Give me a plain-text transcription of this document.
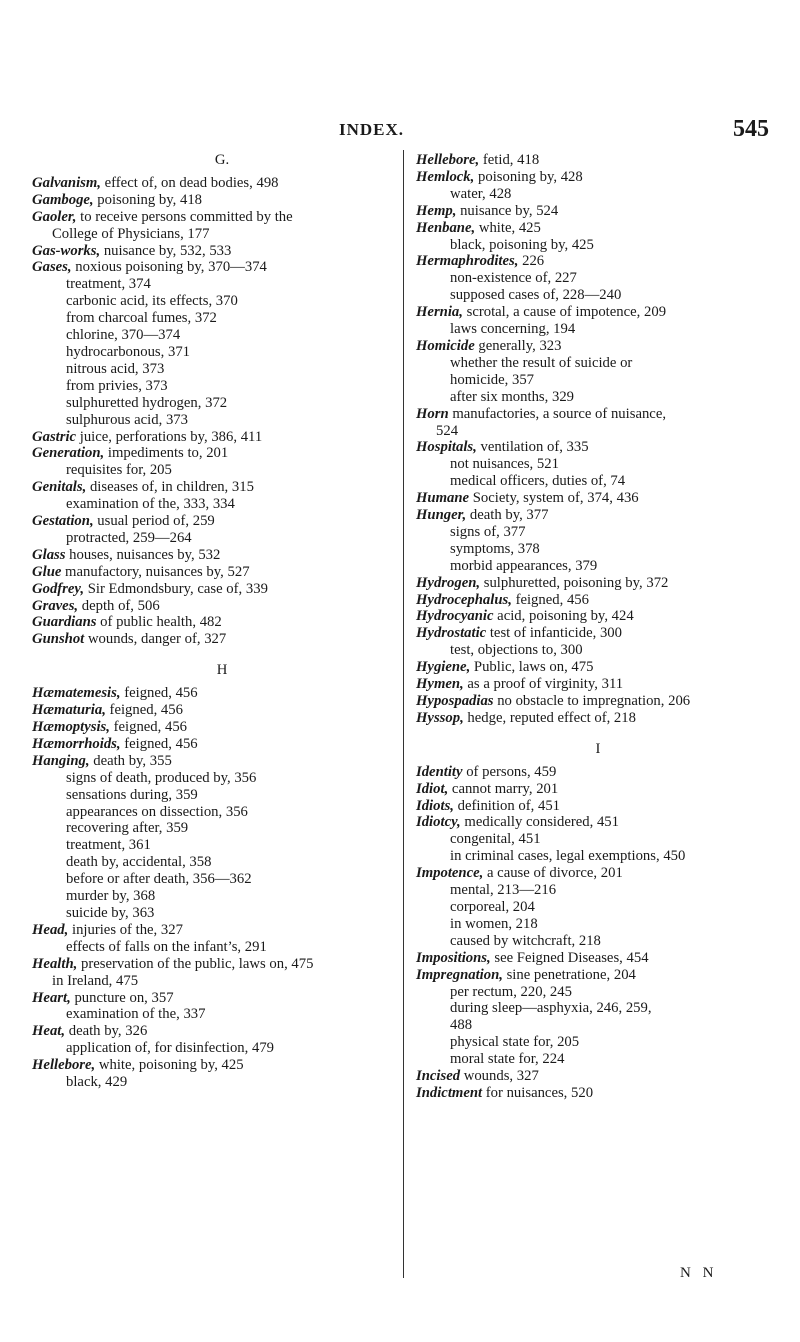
INDEX.	545
G.
Galvanism, effect of, on dead bodies, 498
Gamboge, poisoning by, 418
Gaoler, to receive persons committed by the
College of Physicians, 177
Gas-works, nuisance by, 532, 533
Gases, noxious poisoning by, 370—374
treatment, 374
carbonic acid, its effects, 370
from charcoal fumes, 372
chlorine, 370—374
hydrocarbonous, 371
nitrous acid, 373
from privies, 373
sulphuretted hydrogen, 372
sulphurous acid, 373
Gastric juice, perforations by, 386, 411
Generation, impediments to, 201
requisites for, 205
Genitals, diseases of, in children, 315
examination of the, 333, 334
Gestation, usual period of, 259
protracted, 259—264
Glass houses, nuisances by, 532
Glue manufactory, nuisances by, 527
Godfrey, Sir Edmondsbury, case of, 339
Graves, depth of, 506
Guardians of public health, 482
Gunshot wounds, danger of, 327
H
Hæmatemesis, feigned, 456
Hæmaturia, feigned, 456
Hæmoptysis, feigned, 456
Hæmorrhoids, feigned, 456
Hanging, death by, 355
signs of death, produced by, 356
sensations during, 359
appearances on dissection, 356
recovering after, 359
treatment, 361
death by, accidental, 358
before or after death, 356—362
murder by, 368
suicide by, 363
Head, injuries of the, 327
effects of falls on the infant’s, 291
Health, preservation of the public, laws on, 475
in Ireland, 475
Heart, puncture on, 357
examination of the, 337
Heat, death by, 326
application of, for disinfection, 479
Hellebore, white, poisoning by, 425
black, 429
Hellebore, fetid, 418
Hemlock, poisoning by, 428
water, 428
Hemp, nuisance by, 524
Henbane, white, 425
black, poisoning by, 425
Hermaphrodites, 226
non-existence of, 227
supposed cases of, 228—240
Hernia, scrotal, a cause of impotence, 209
laws concerning, 194
Homicide generally, 323
whether the result of suicide or
homicide, 357
after six months, 329
Horn manufactories, a source of nuisance,
524
Hospitals, ventilation of, 335
not nuisances, 521
medical officers, duties of, 74
Humane Society, system of, 374, 436
Hunger, death by, 377
signs of, 377
symptoms, 378
morbid appearances, 379
Hydrogen, sulphuretted, poisoning by, 372
Hydrocephalus, feigned, 456
Hydrocyanic acid, poisoning by, 424
Hydrostatic test of infanticide, 300
test, objections to, 300
Hygiene, Public, laws on, 475
Hymen, as a proof of virginity, 311
Hypospadias no obstacle to impregnation, 206
Hyssop, hedge, reputed effect of, 218
I
Identity of persons, 459
Idiot, cannot marry, 201
Idiots, definition of, 451
Idiotcy, medically considered, 451
congenital, 451
in criminal cases, legal exemptions, 450
Impotence, a cause of divorce, 201
mental, 213—216
corporeal, 204
in women, 218
caused by witchcraft, 218
Impositions, see Feigned Diseases, 454
Impregnation, sine penetratione, 204
per rectum, 220, 245
during sleep—asphyxia, 246, 259,
488
physical state for, 205
moral state for, 224
Incised wounds, 327
Indictment for nuisances, 520
N N
